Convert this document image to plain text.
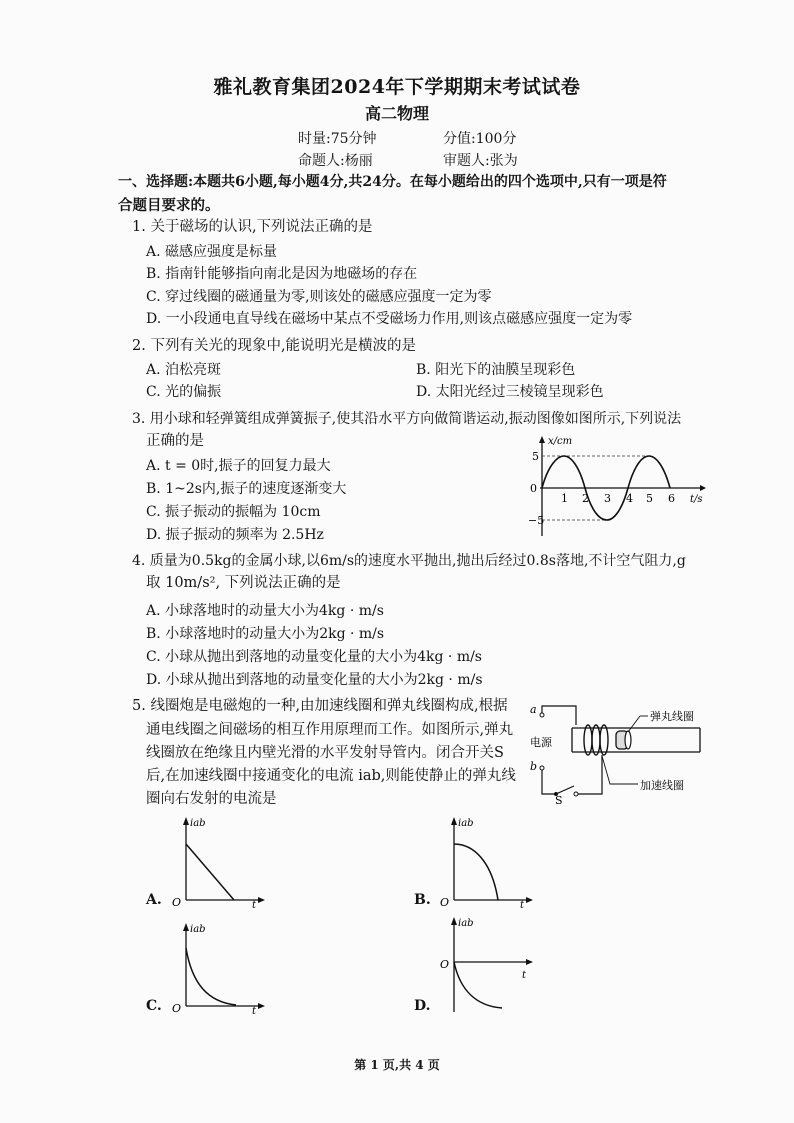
雅礼教育集团2024年下学期期末考试试卷
高二物理
时量:75分钟	分值:100分
命题人:杨丽	审题人:张为
一、选择题:本题共6小题,每小题4分,共24分。在每小题给出的四个选项中,只有一项是符
合题目要求的。
1. 关于磁场的认识,下列说法正确的是
A. 磁感应强度是标量
B. 指南针能够指向南北是因为地磁场的存在
C. 穿过线圈的磁通量为零,则该处的磁感应强度一定为零
D. 一小段通电直导线在磁场中某点不受磁场力作用,则该点磁感应强度一定为零
2. 下列有关光的现象中,能说明光是横波的是
A. 泊松亮斑	B. 阳光下的油膜呈现彩色
C. 光的偏振	D. 太阳光经过三棱镜呈现彩色
3. 用小球和轻弹簧组成弹簧振子,使其沿水平方向做简谐运动,振动图像如图所示,下列说法
正确的是
A. t = 0时,振子的回复力最大
B. 1~2s内,振子的速度逐渐变大
C. 振子振动的振幅为 10cm
D. 振子振动的频率为 2.5Hz
0
5
−5
x/cm
t/s
1 2 3 4 5 6
4. 质量为0.5kg的金属小球,以6m/s的速度水平抛出,抛出后经过0.8s落地,不计空气阻力,g
取 10m/s², 下列说法正确的是
A. 小球落地时的动量大小为4kg · m/s
B. 小球落地时的动量大小为2kg · m/s
C. 小球从抛出到落地的动量变化量的大小为4kg · m/s
D. 小球从抛出到落地的动量变化量的大小为2kg · m/s
5. 线圈炮是电磁炮的一种,由加速线圈和弹丸线圈构成,根据
通电线圈之间磁场的相互作用原理而工作。如图所示,弹丸
线圈放在绝缘且内壁光滑的水平发射导管内。闭合开关S
后,在加速线圈中接通变化的电流 iab,则能使静止的弹丸线
圈向右发射的电流是
a
b
电源
S
弹丸线圈
加速线圈
A.
iab
t
O	B.
iab
t
O
C.
iab
t
O	D.
iab
t
O
第 1 页,共 4 页
